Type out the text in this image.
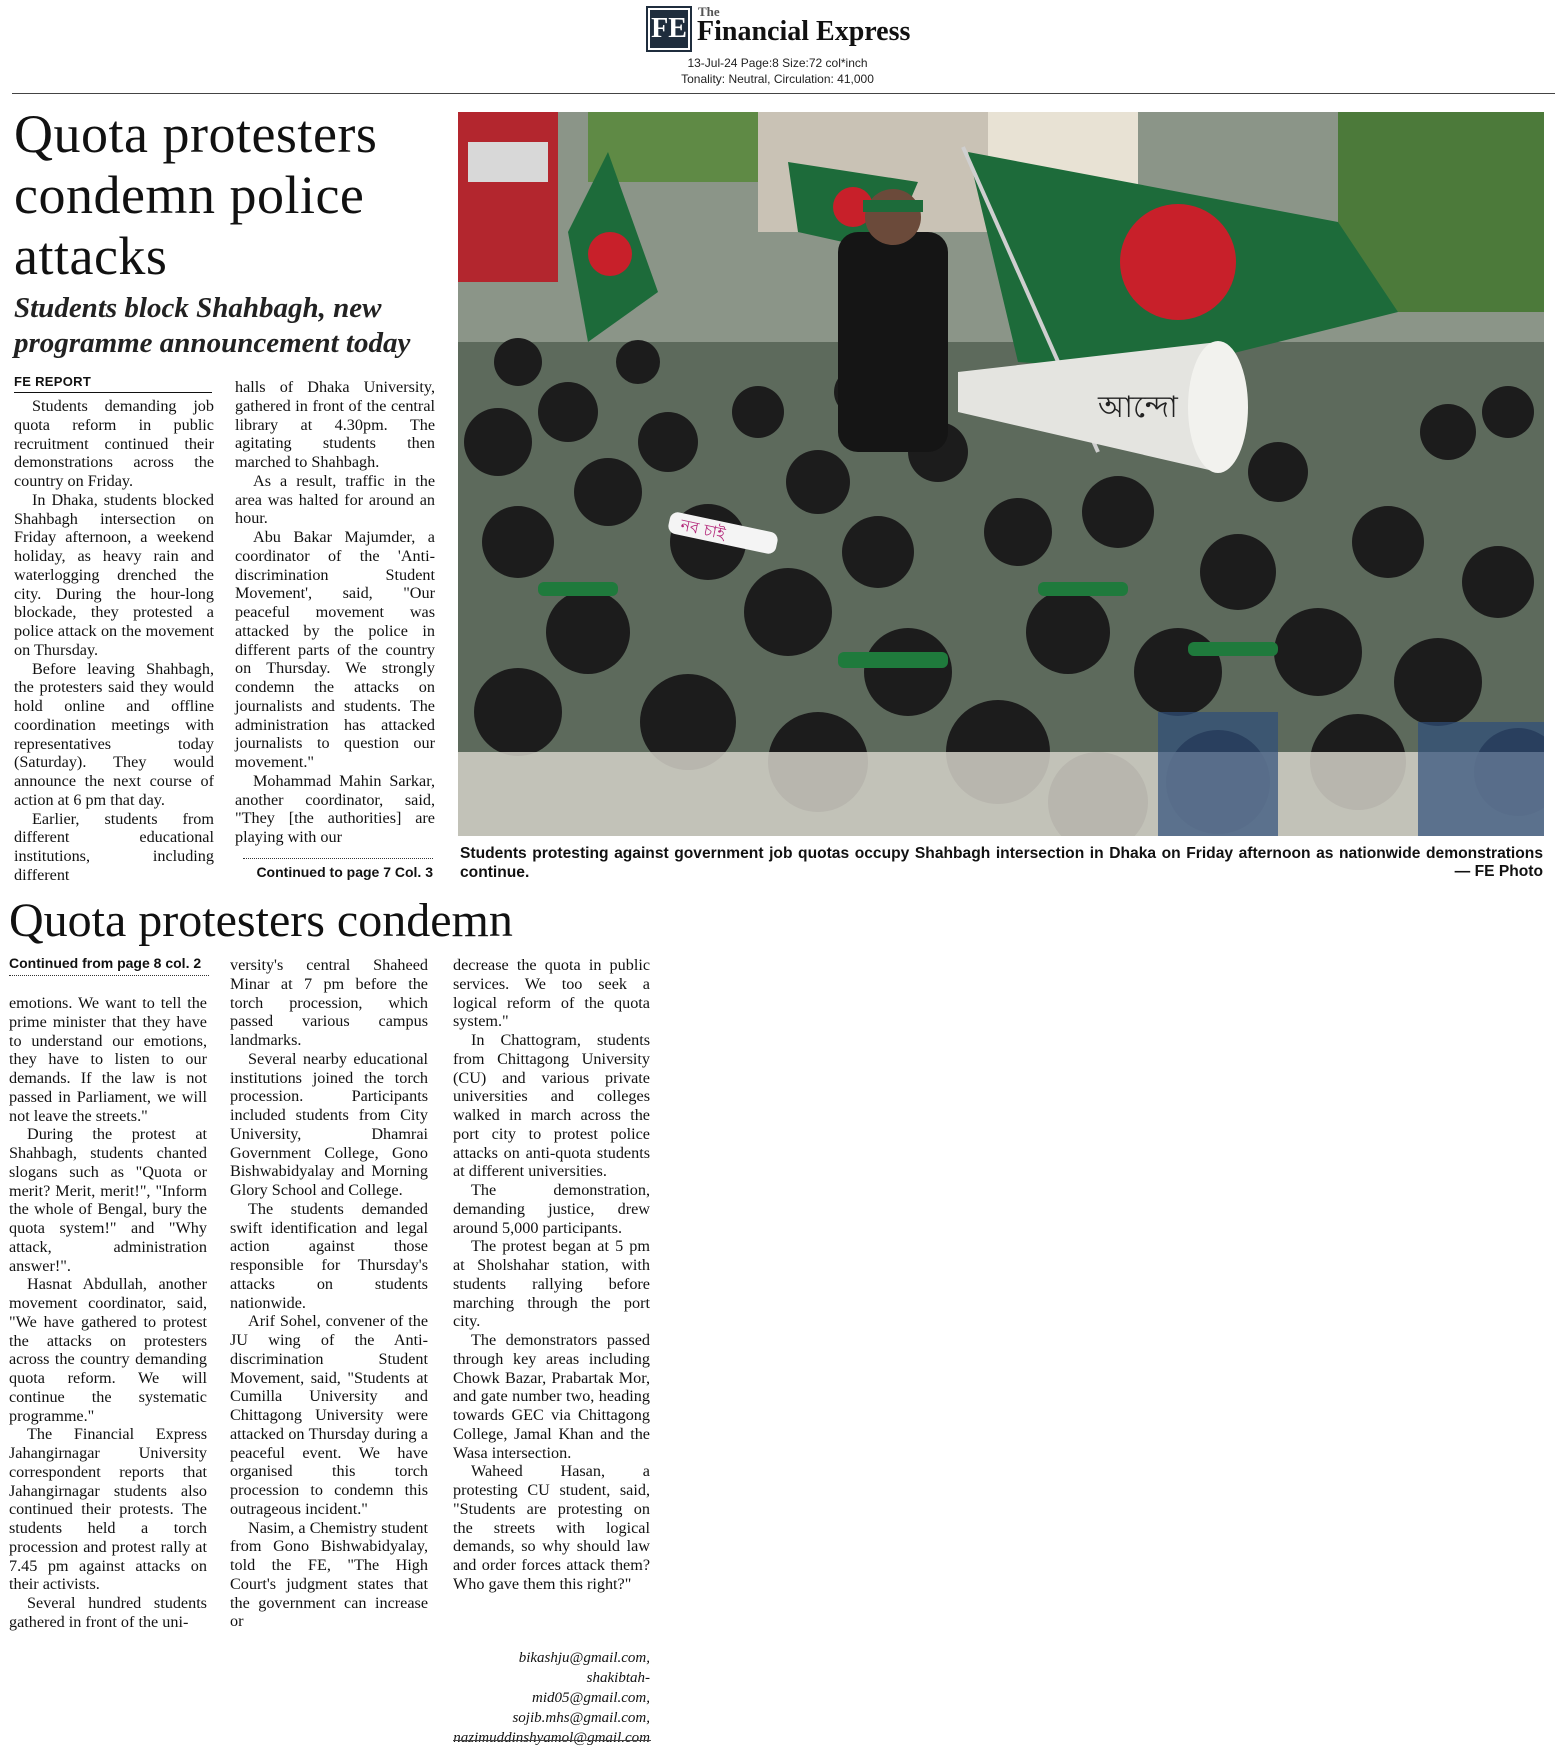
FE
The
Financial Express
13-Jul-24 Page:8 Size:72 col*inch
Tonality: Neutral, Circulation: 41,000
Quota protesters condemn police attacks
Students block Shahbagh, new programme announcement today
FE REPORT

Students demanding job quota reform in public recruitment continued their demonstrations across the country on Friday.

In Dhaka, students blocked Shahbagh intersection on Friday afternoon, a weekend holiday, as heavy rain and waterlogging drenched the city. During the hour-long blockade, they protested a police attack on the movement on Thursday.

Before leaving Shahbagh, the protesters said they would hold online and offline coordination meetings with representatives today (Saturday). They would announce the next course of action at 6 pm that day.

Earlier, students from different educational institutions, including different

halls of Dhaka University, gathered in front of the central library at 4.30pm. The agitating students then marched to Shahbagh.

As a result, traffic in the area was halted for around an hour.

Abu Bakar Majumder, a coordinator of the 'Anti-discrimination Student Movement', said, "Our peaceful movement was attacked by the police in different parts of the country on Thursday. We strongly condemn the attacks on journalists and students. The administration has attacked journalists to question our movement."

Mohammad Mahin Sarkar, another coordinator, said, "They [the authorities] are playing with our

Continued to page 7 Col. 3
আন্দো
নব চাই
Students protesting against government job quotas occupy Shahbagh intersection in Dhaka on Friday afternoon as nationwide demonstrations continue.	— FE Photo
Quota protesters condemn
Continued from page 8 col. 2

emotions. We want to tell the prime minister that they have to understand our emotions, they have to listen to our demands. If the law is not passed in Parliament, we will not leave the streets."

During the protest at Shahbagh, students chanted slogans such as "Quota or merit? Merit, merit!", "Inform the whole of Bengal, bury the quota system!" and "Why attack, administration answer!".

Hasnat Abdullah, another movement coordinator, said, "We have gathered to protest the attacks on protesters across the country demanding quota reform. We will continue the systematic programme."

The Financial Express Jahangirnagar University correspondent reports that Jahangirnagar students also continued their protests. The students held a torch procession and protest rally at 7.45 pm against attacks on their activists.

Several hundred students gathered in front of the uni-

versity's central Shaheed Minar at 7 pm before the torch procession, which passed various campus landmarks.

Several nearby educational institutions joined the torch procession. Participants included students from City University, Dhamrai Government College, Gono Bishwabidyalay and Morning Glory School and College.

The students demanded swift identification and legal action against those responsible for Thursday's attacks on students nationwide.

Arif Sohel, convener of the JU wing of the Anti-discrimination Student Movement, said, "Students at Cumilla University and Chittagong University were attacked on Thursday during a peaceful event. We have organised this torch procession to condemn this outrageous incident."

Nasim, a Chemistry student from Gono Bishwabidyalay, told the FE, "The High Court's judgment states that the government can increase or

decrease the quota in public services. We too seek a logical reform of the quota system."

In Chattogram, students from Chittagong University (CU) and various private universities and colleges walked in march across the port city to protest police attacks on anti-quota students at different universities.

The demonstration, demanding justice, drew around 5,000 participants.

The protest began at 5 pm at Sholshahar station, with students rallying before marching through the port city.

The demonstrators passed through key areas including Chowk Bazar, Prabartak Mor, and gate number two, heading towards GEC via Chittagong College, Jamal Khan and the Wasa intersection.

Waheed Hasan, a protesting CU student, said, "Students are protesting on the streets with logical demands, so why should law and order forces attack them? Who gave them this right?"

bikashju@gmail.com, shakibtah-
mid05@gmail.com,
sojib.mhs@gmail.com,
nazimuddinshyamol@gmail.com
